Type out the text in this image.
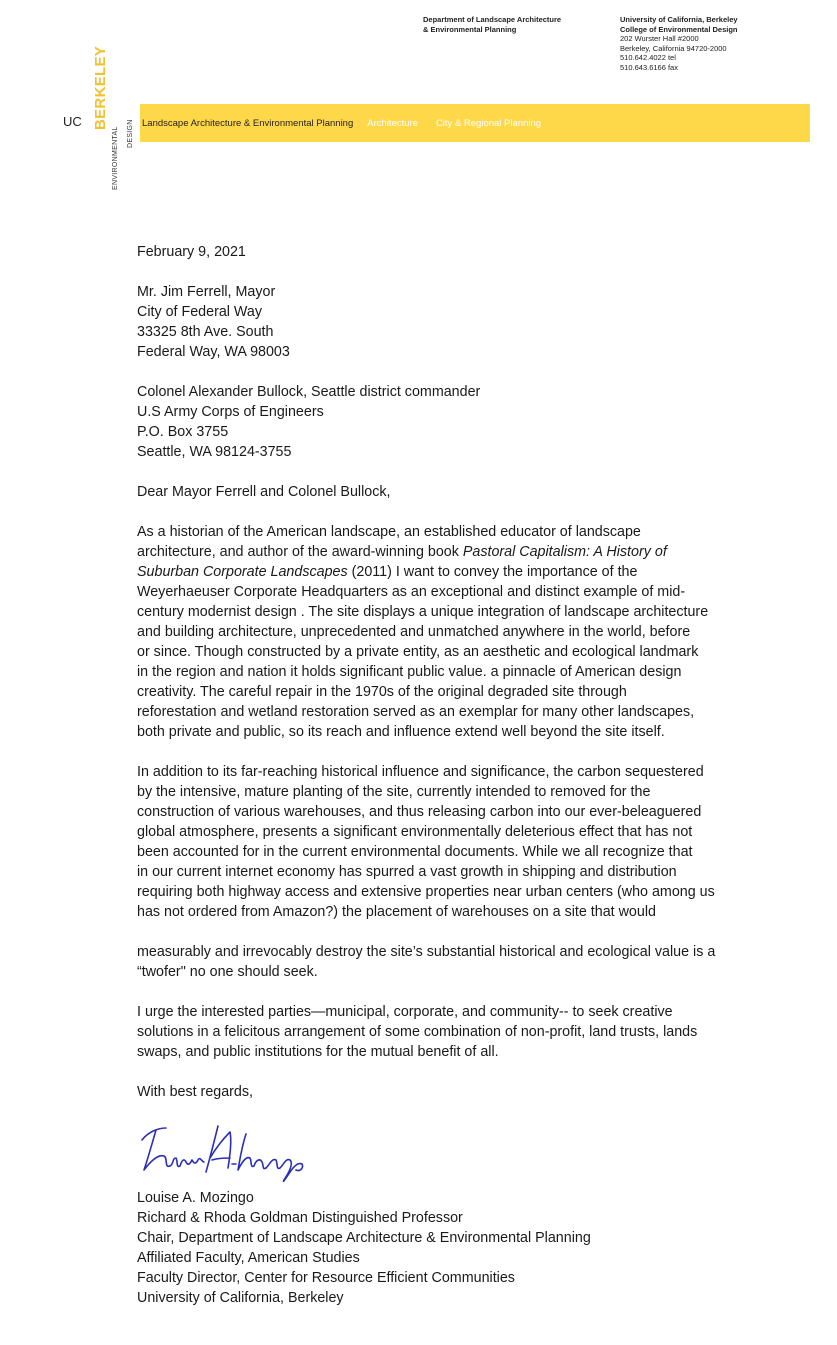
Department of Landscape Architecture
& Environmental Planning
University of California, Berkeley
College of Environmental Design
202 Wurster Hall #2000
Berkeley, California 94720-2000
510.642.4022 tel
510.643.6166 fax
UC BERKELEY
ENVIRONMENTAL DESIGN Landscape Architecture & Environmental Planning Architecture City & Regional Planning
February 9, 2021
Mr. Jim Ferrell, Mayor
City of Federal Way
33325 8th Ave. South
Federal Way, WA 98003
Colonel Alexander Bullock, Seattle district commander
U.S Army Corps of Engineers
P.O. Box 3755
Seattle, WA 98124-3755
Dear Mayor Ferrell and Colonel Bullock,
As a historian of the American landscape, an established educator of landscape
architecture, and author of the award-winning book Pastoral Capitalism: A History of
Suburban Corporate Landscapes (2011) I want to convey the importance of the
Weyerhaeuser Corporate Headquarters as an exceptional and distinct example of mid-
century modernist design . The site displays a unique integration of landscape architecture
and building architecture, unprecedented and unmatched anywhere in the world, before
or since. Though constructed by a private entity, as an aesthetic and ecological landmark
in the region and nation it holds significant public value. a pinnacle of American design
creativity. The careful repair in the 1970s of the original degraded site through
reforestation and wetland restoration served as an exemplar for many other landscapes,
both private and public, so its reach and influence extend well beyond the site itself.
In addition to its far-reaching historical influence and significance, the carbon sequestered
by the intensive, mature planting of the site, currently intended to removed for the
construction of various warehouses, and thus releasing carbon into our ever-beleaguered
global atmosphere, presents a significant environmentally deleterious effect that has not
been accounted for in the current environmental documents. While we all recognize that
in our current internet economy has spurred a vast growth in shipping and distribution
requiring both highway access and extensive properties near urban centers (who among us
has not ordered from Amazon?) the placement of warehouses on a site that would
measurably and irrevocably destroy the site’s substantial historical and ecological value is a
“twofer" no one should seek.
I urge the interested parties—municipal, corporate, and community-- to seek creative
solutions in a felicitous arrangement of some combination of non-profit, land trusts, lands
swaps, and public institutions for the mutual benefit of all.
With best regards,
Louise A. Mozingo
Richard & Rhoda Goldman Distinguished Professor
Chair, Department of Landscape Architecture & Environmental Planning
Affiliated Faculty, American Studies
Faculty Director, Center for Resource Efficient Communities
University of California, Berkeley
